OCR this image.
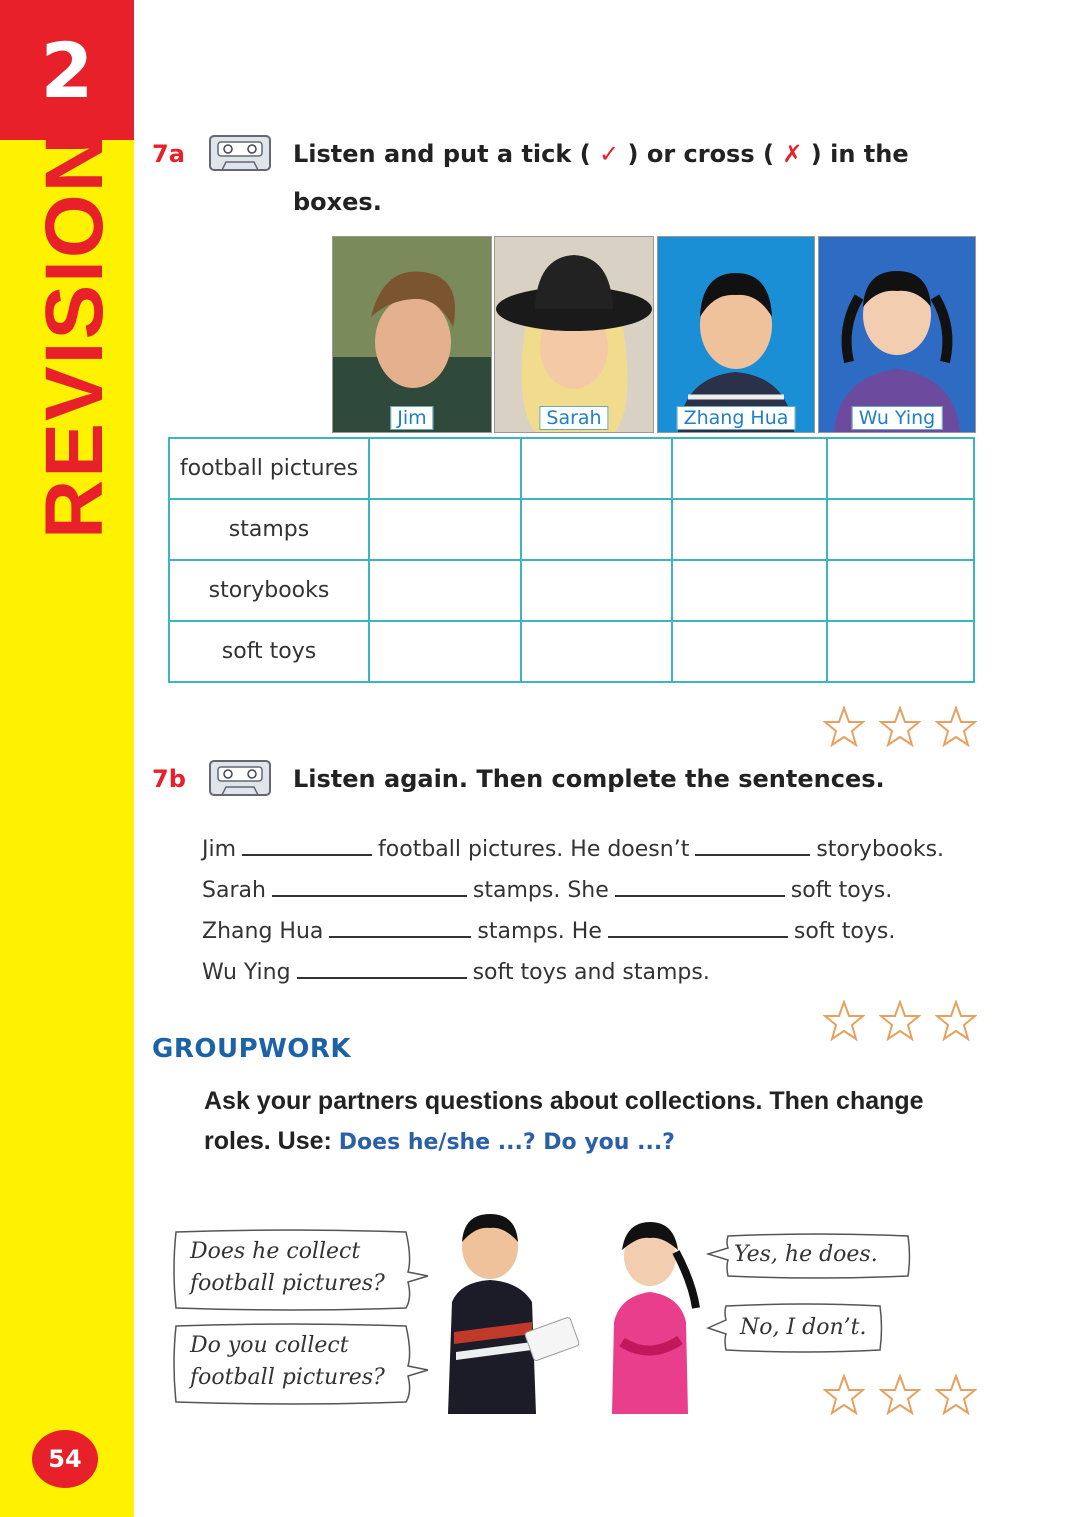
2
REVISION
54
7a	Listen and put a tick ( ✓ ) or cross ( ✗ ) in the
boxes.
Jim	Sarah	Zhang Hua	Wu Ying
football pictures				
stamps				
storybooks				
soft toys				
7b	Listen again. Then complete the sentences.
Jim	football pictures. He doesn’t	storybooks.
Sarah	stamps. She	soft toys.
Zhang Hua	stamps. He	soft toys.
Wu Ying	soft toys and stamps.
GROUPWORK
Ask your partners questions about collections. Then change
roles. Use: Does he/she ...? Do you ...?
Does he collect
football pictures?
Do you collect
football pictures?
Yes, he does.
No, I don’t.
